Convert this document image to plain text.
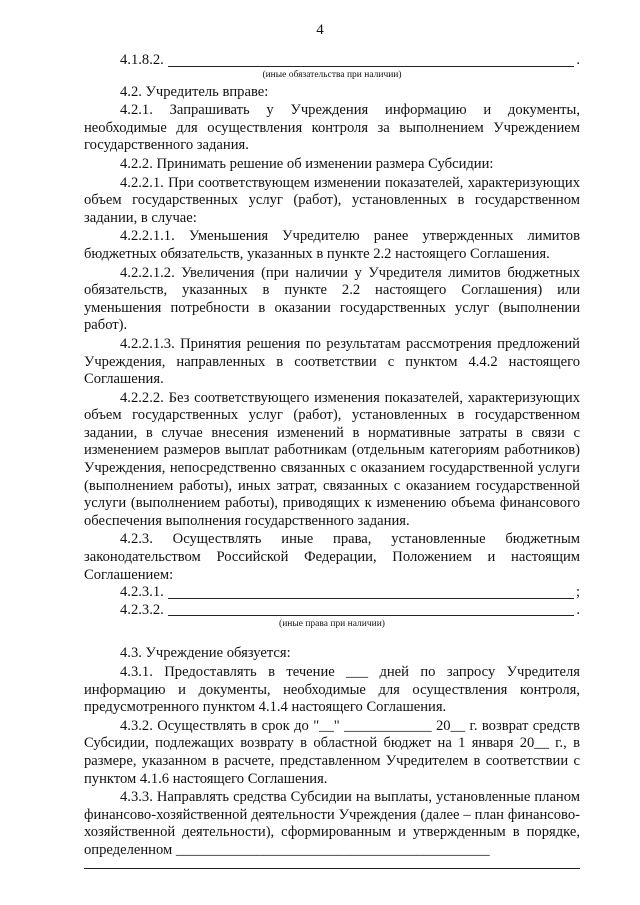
4
4.1.8.2.	.
(иные обязательства при наличии)

4.2. Учредитель вправе:

4.2.1. Запрашивать у Учреждения информацию и документы, необходимые для осуществления контроля за выполнением Учреждением государственного задания.

4.2.2. Принимать решение об изменении размера Субсидии:

4.2.2.1. При соответствующем изменении показателей, характеризующих объем государственных услуг (работ), установленных в государственном задании, в случае:

4.2.2.1.1. Уменьшения Учредителю ранее утвержденных лимитов бюджетных обязательств, указанных в пункте 2.2 настоящего Соглашения.

4.2.2.1.2. Увеличения (при наличии у Учредителя лимитов бюджетных обязательств, указанных в пункте 2.2 настоящего Соглашения) или уменьшения потребности в оказании государственных услуг (выполнении работ).

4.2.2.1.3. Принятия решения по результатам рассмотрения предложений Учреждения, направленных в соответствии с пунктом 4.4.2 настоящего Соглашения.

4.2.2.2. Без соответствующего изменения показателей, характеризующих объем государственных услуг (работ), установленных в государственном задании, в случае внесения изменений в нормативные затраты в связи с изменением размеров выплат работникам (отдельным категориям работников) Учреждения, непосредственно связанных с оказанием государственной услуги (выполнением работы), иных затрат, связанных с оказанием государственной услуги (выполнением работы), приводящих к изменению объема финансового обеспечения выполнения государственного задания.

4.2.3. Осуществлять иные права, установленные бюджетным законодательством Российской Федерации, Положением и настоящим Соглашением:

4.2.3.1.	;
4.2.3.2.	.
(иные права при наличии)

4.3. Учреждение обязуется:

4.3.1. Предоставлять в течение ___ дней по запросу Учредителя информацию и документы, необходимые для осуществления контроля, предусмотренного пунктом 4.1.4 настоящего Соглашения.

4.3.2. Осуществлять в срок до "__" ____________ 20__ г. возврат средств Субсидии, подлежащих возврату в областной бюджет на 1 января 20__ г., в размере, указанном в расчете, представленном Учредителем в соответствии с пунктом 4.1.6 настоящего Соглашения.

4.3.3. Направлять средства Субсидии на выплаты, установленные планом финансово-хозяйственной деятельности Учреждения (далее – план финансово-хозяйственной деятельности), сформированным и утвержденным в порядке, определенном ___________________________________________
